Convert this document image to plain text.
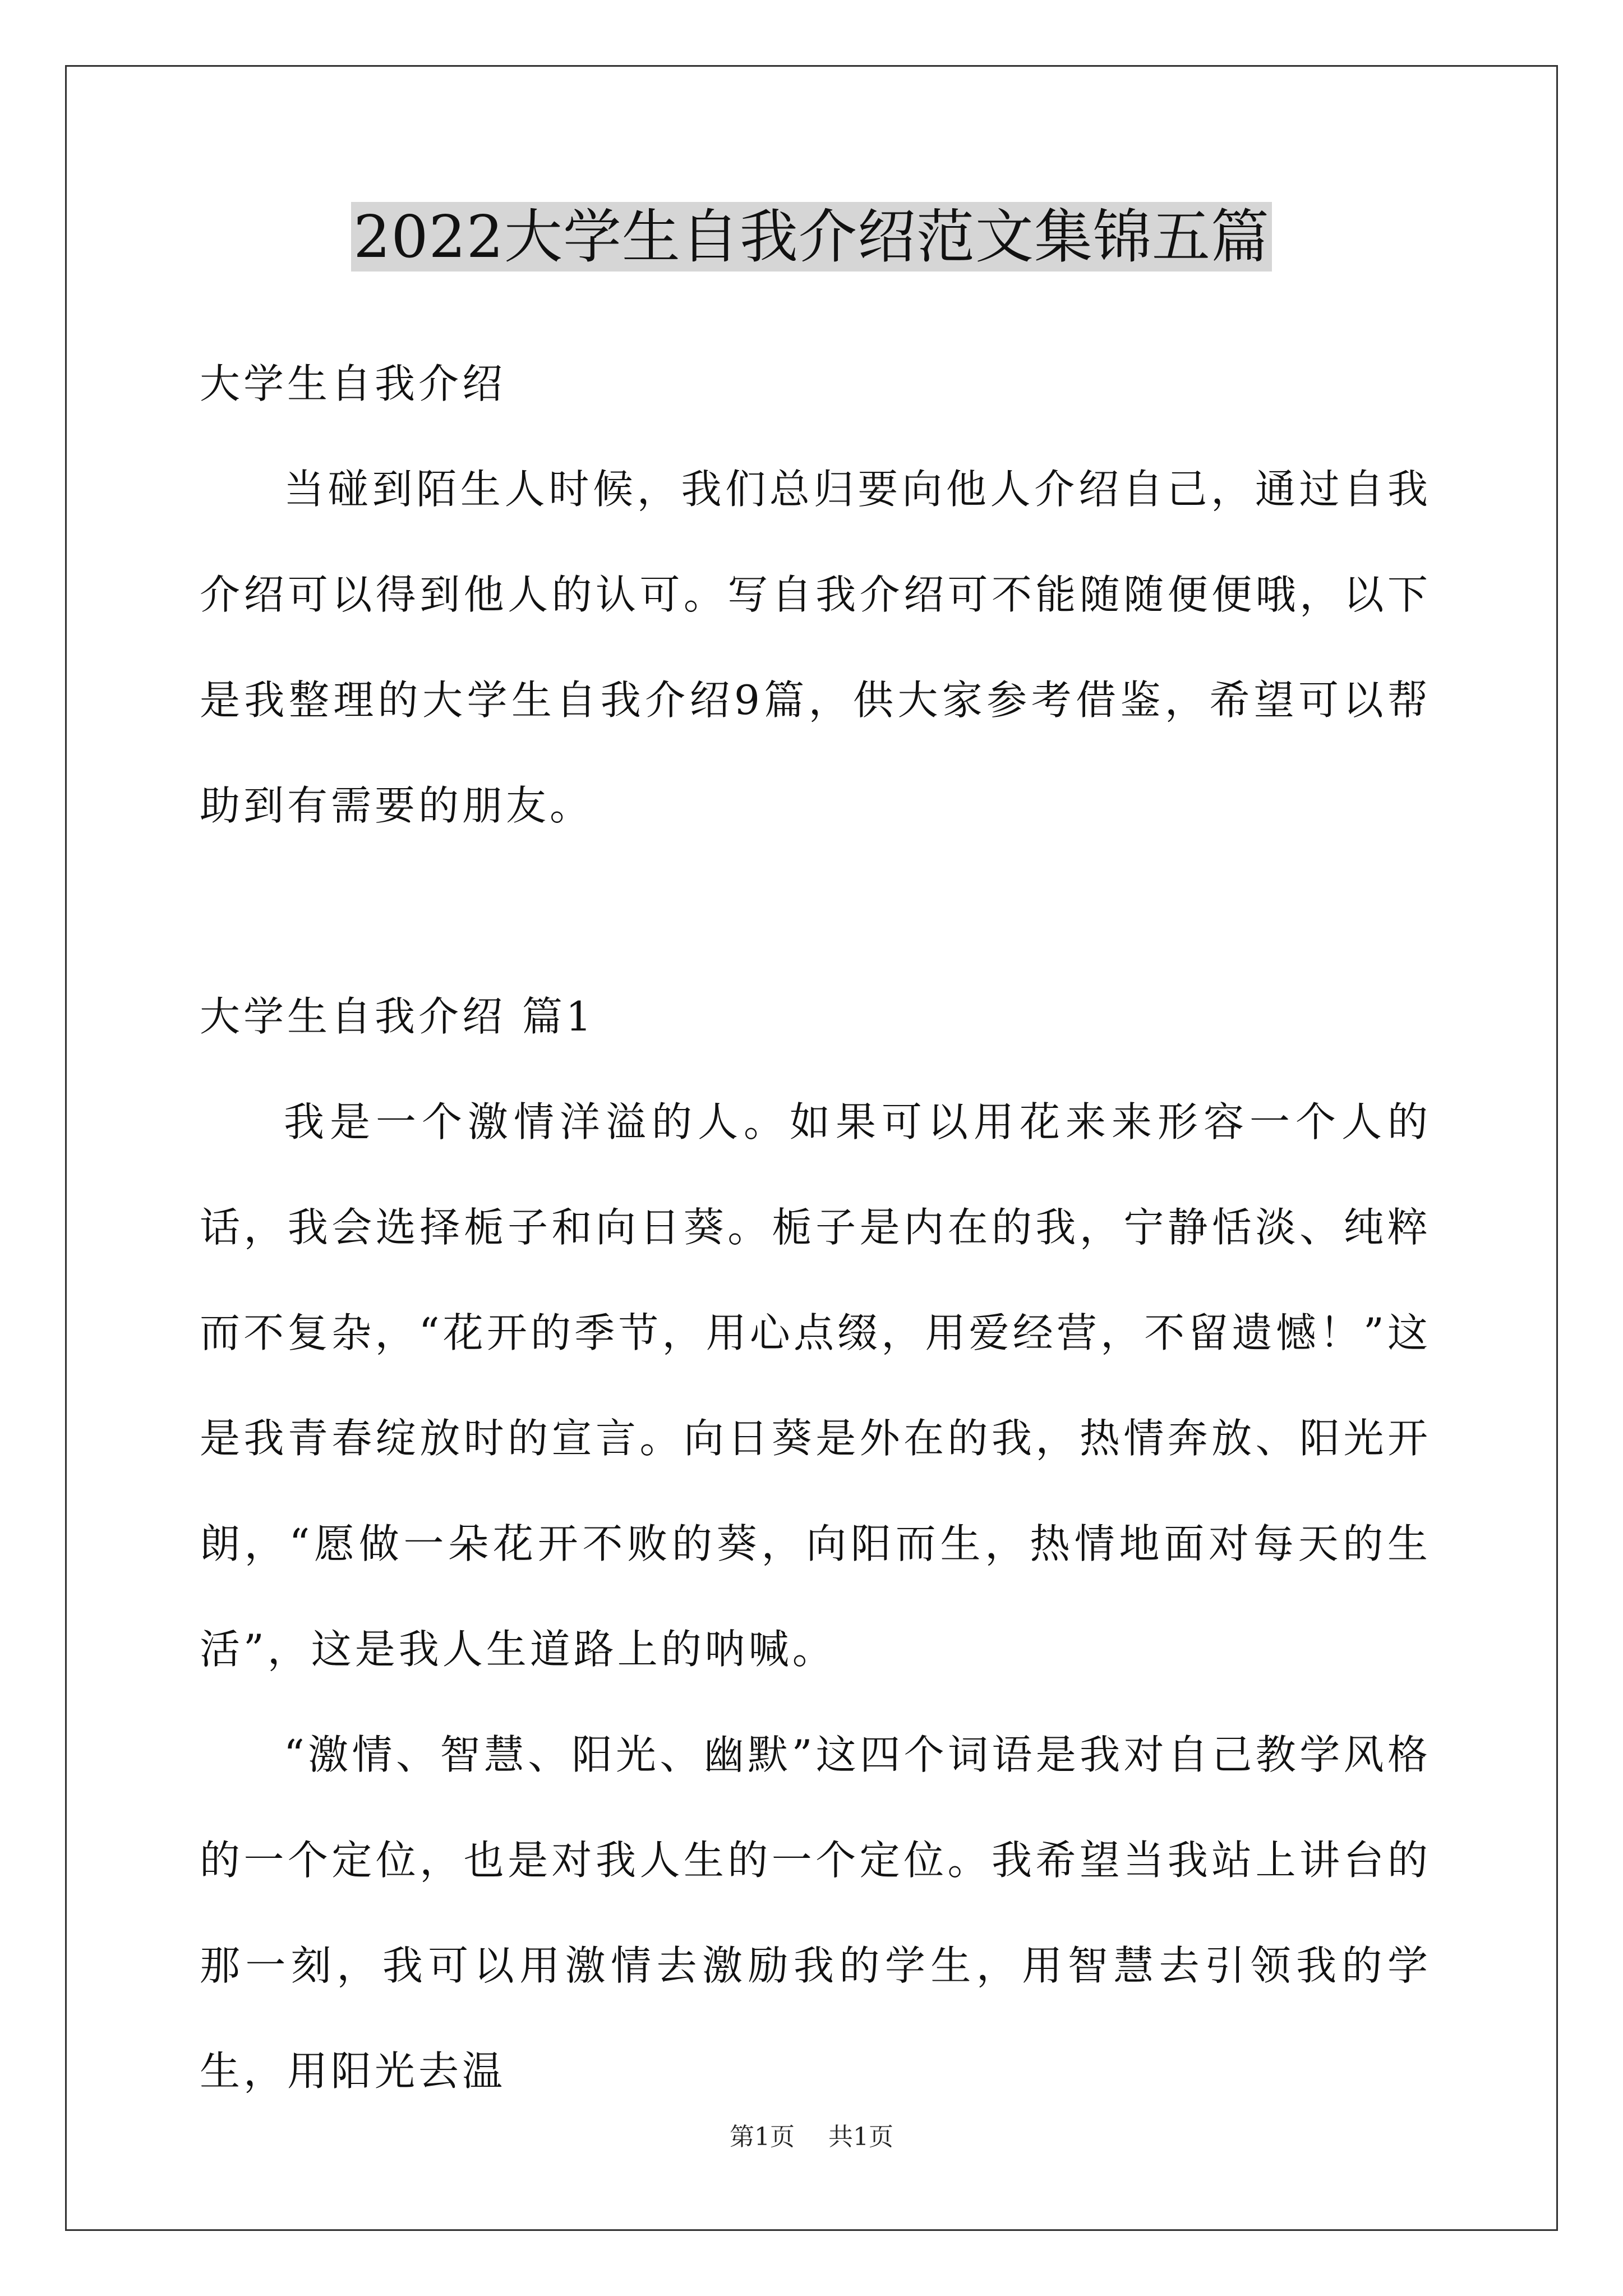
2022大学生自我介绍范文集锦五篇

大学生自我介绍

当碰到陌生人时候，我们总归要向他人介绍自己，通过自我介绍可以得到他人的认可。写自我介绍可不能随随便便哦，以下是我整理的大学生自我介绍9篇，供大家参考借鉴，希望可以帮助到有需要的朋友。

大学生自我介绍 篇1

我是一个激情洋溢的人。如果可以用花来来形容一个人的话，我会选择栀子和向日葵。栀子是内在的我，宁静恬淡、纯粹而不复杂，“花开的季节，用心点缀，用爱经营，不留遗憾！”这是我青春绽放时的宣言。向日葵是外在的我，热情奔放、阳光开朗，“愿做一朵花开不败的葵，向阳而生，热情地面对每天的生活”，这是我人生道路上的呐喊。

“激情、智慧、阳光、幽默”这四个词语是我对自己教学风格的一个定位，也是对我人生的一个定位。我希望当我站上讲台的那一刻，我可以用激情去激励我的学生，用智慧去引领我的学生，用阳光去温

第1页 共1页
